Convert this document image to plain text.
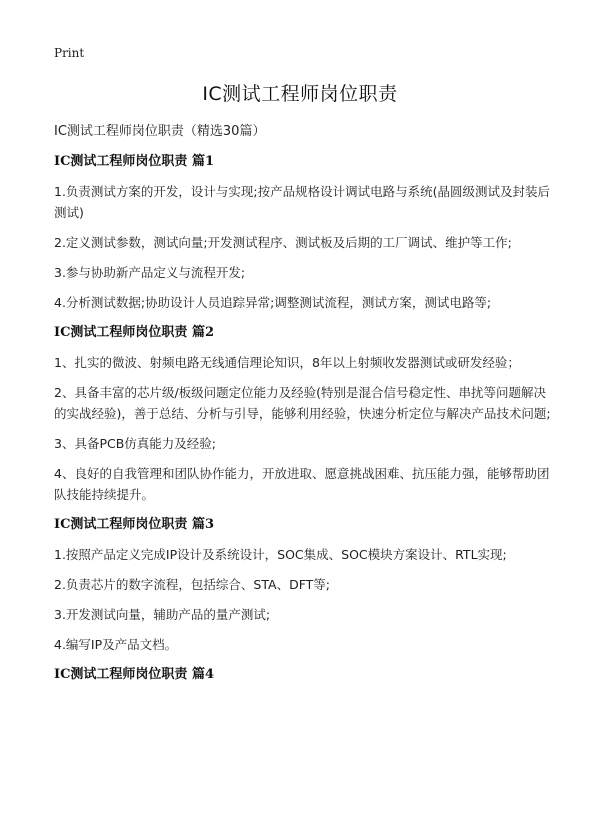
Print
IC测试工程师岗位职责
IC测试工程师岗位职责（精选30篇）
IC测试工程师岗位职责 篇1
1.负责测试方案的开发，设计与实现;按产品规格设计调试电路与系统(晶圆级测试及封装后测试)
2.定义测试参数，测试向量;开发测试程序、测试板及后期的工厂调试、维护等工作;
3.参与协助新产品定义与流程开发;
4.分析测试数据;协助设计人员追踪异常;调整测试流程，测试方案，测试电路等;
IC测试工程师岗位职责 篇2
1、扎实的微波、射频电路无线通信理论知识，8年以上射频收发器测试或研发经验；
2、具备丰富的芯片级/板级问题定位能力及经验(特别是混合信号稳定性、串扰等问题解决的实战经验)，善于总结、分析与引导，能够利用经验，快速分析定位与解决产品技术问题;
3、具备PCB仿真能力及经验;
4、良好的自我管理和团队协作能力，开放进取、愿意挑战困难、抗压能力强，能够帮助团队技能持续提升。
IC测试工程师岗位职责 篇3
1.按照产品定义完成IP设计及系统设计，SOC集成、SOC模块方案设计、RTL实现;
2.负责芯片的数字流程，包括综合、STA、DFT等;
3.开发测试向量，辅助产品的量产测试;
4.编写IP及产品文档。
IC测试工程师岗位职责 篇4
